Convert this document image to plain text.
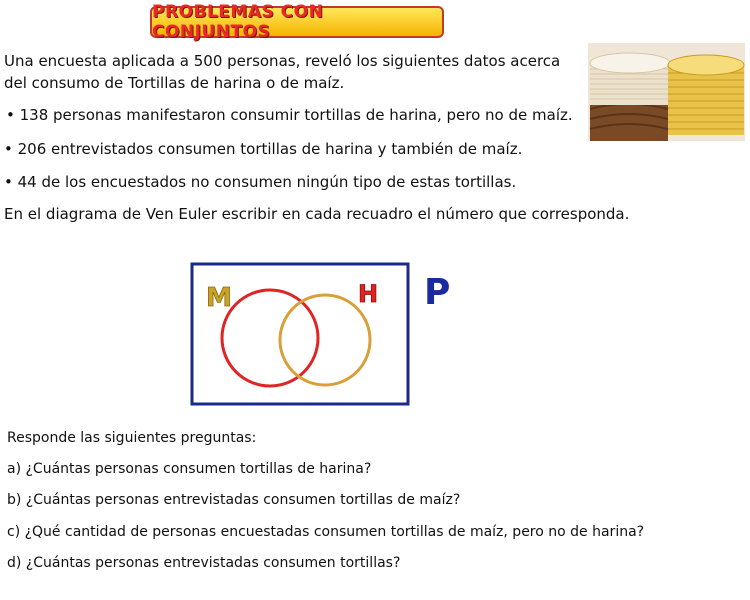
PROBLEMAS CON CONJUNTOS

Una encuesta aplicada a 500 personas, reveló los siguientes datos acerca del consumo de Tortillas de harina o de maíz.

• 138 personas manifestaron consumir tortillas de harina, pero no de maíz.

• 206 entrevistados consumen tortillas de harina y también de maíz.

• 44 de los encuestados no consumen ningún tipo de estas tortillas.

En el diagrama de Ven Euler escribir en cada recuadro el número que corresponda.

M	H P

Responde las siguientes preguntas:

a) ¿Cuántas personas consumen tortillas de harina?

b) ¿Cuántas personas entrevistadas consumen tortillas de maíz?

c) ¿Qué cantidad de personas encuestadas consumen tortillas de maíz, pero no de harina?

d) ¿Cuántas personas entrevistadas consumen tortillas?
